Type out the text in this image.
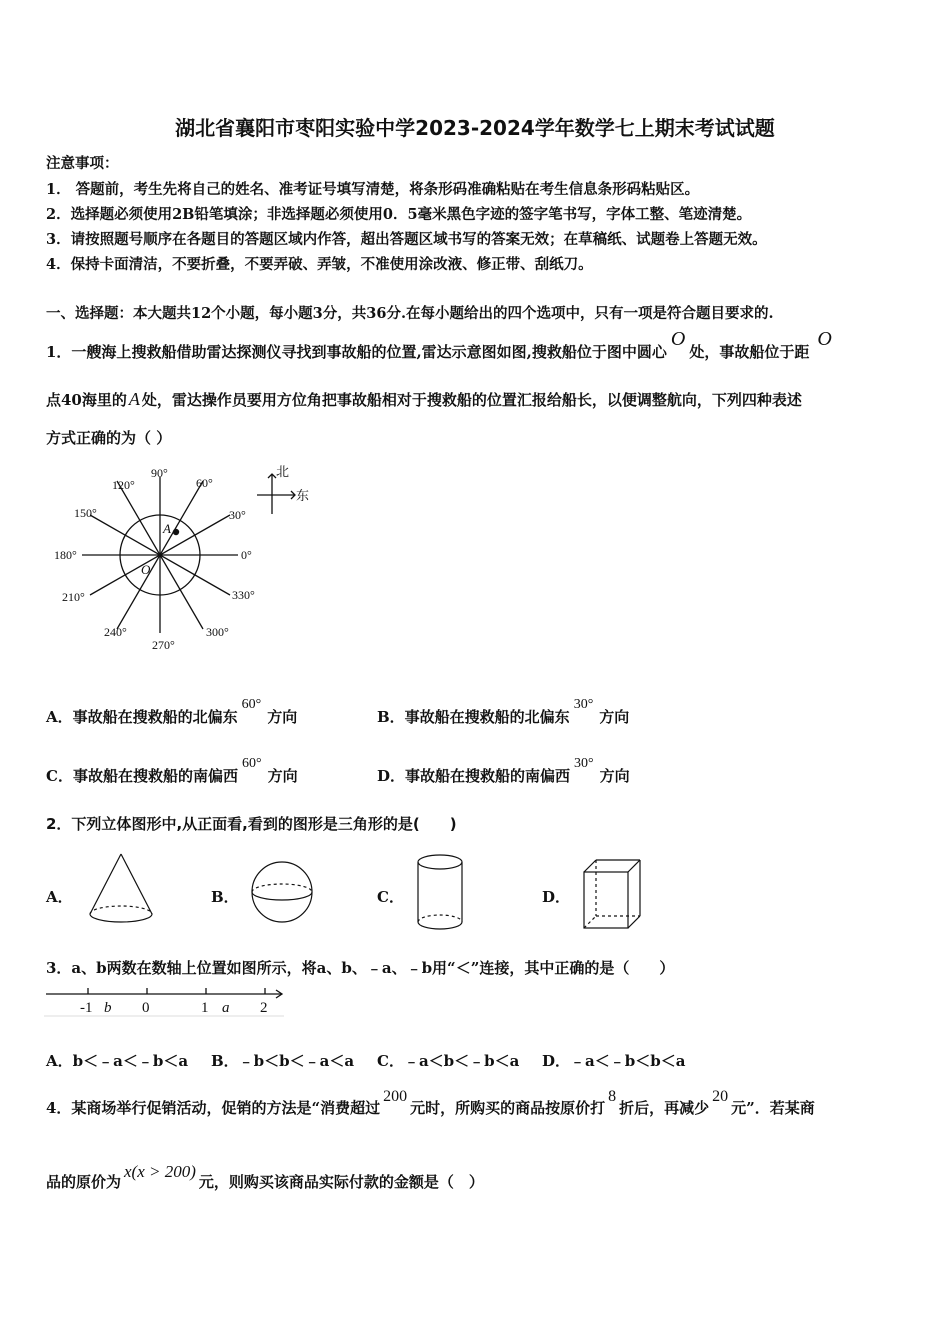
湖北省襄阳市枣阳实验中学2023-2024学年数学七上期末考试试题
注意事项：
1． 答题前，考生先将自己的姓名、准考证号填写清楚，将条形码准确粘贴在考生信息条形码粘贴区。
2．选择题必须使用2B铅笔填涂；非选择题必须使用0．5毫米黑色字迹的签字笔书写，字体工整、笔迹清楚。
3．请按照题号顺序在各题目的答题区域内作答，超出答题区域书写的答案无效；在草稿纸、试题卷上答题无效。
4．保持卡面清洁，不要折叠，不要弄破、弄皱，不准使用涂改液、修正带、刮纸刀。
一、选择题：本大题共12个小题，每小题3分，共36分.在每小题给出的四个选项中，只有一项是符合题目要求的.
1．一艘海上搜救船借助雷达探测仪寻找到事故船的位置,雷达示意图如图,搜救船位于图中圆心O处，事故船位于距O
点40海里的 A 处，雷达操作员要用方位角把事故船相对于搜救船的位置汇报给船长，以便调整航向，下列四种表述
方式正确的为（ ）
90°
120°	60°
150°	30°
180°	0°
210°	330°
240°	300°
270°
A
O
北
东
A．事故船在搜救船的北偏东60°方向	B．事故船在搜救船的北偏东30°方向
C．事故船在搜救船的南偏西60°方向	D．事故船在搜救船的南偏西30°方向
2．下列立体图形中,从正面看,看到的图形是三角形的是(　　)
A．	B．	C．	D．
3．a、b两数在数轴上位置如图所示，将a、b、﹣a、﹣b用“＜”连接，其中正确的是（　　）
-1	0	1	2
b	a
A．b＜﹣a＜﹣b＜a B．﹣b＜b＜﹣a＜a C．﹣a＜b＜﹣b＜a D．﹣a＜﹣b＜b＜a
4．某商场举行促销活动，促销的方法是“消费超过200元时，所购买的商品按原价打8折后，再减少20元”．若某商
品的原价为x(x > 200)元，则购买该商品实际付款的金额是（　）
